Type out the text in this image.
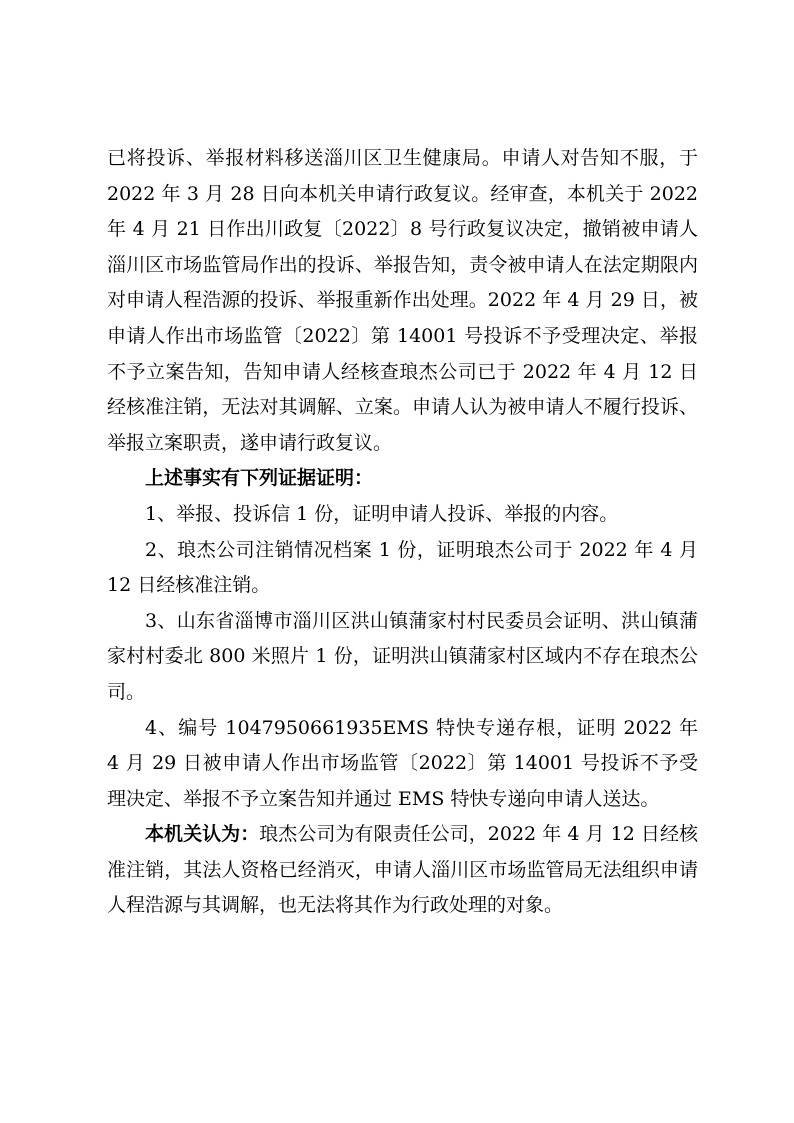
已将投诉、举报材料移送淄川区卫生健康局。申请人对告知不服，于 2022 年 3 月 28 日向本机关申请行政复议。经审查，本机关于 2022 年 4 月 21 日作出川政复〔2022〕8 号行政复议决定，撤销被申请人淄川区市场监管局作出的投诉、举报告知，责令被申请人在法定期限内对申请人程浩源的投诉、举报重新作出处理。2022 年 4 月 29 日，被申请人作出市场监管〔2022〕第 14001 号投诉不予受理决定、举报不予立案告知，告知申请人经核查琅杰公司已于 2022 年 4 月 12 日经核准注销，无法对其调解、立案。申请人认为被申请人不履行投诉、举报立案职责，遂申请行政复议。

上述事实有下列证据证明：

1、举报、投诉信 1 份，证明申请人投诉、举报的内容。

2、琅杰公司注销情况档案 1 份，证明琅杰公司于 2022 年 4 月 12 日经核准注销。

3、山东省淄博市淄川区洪山镇蒲家村村民委员会证明、洪山镇蒲家村村委北 800 米照片 1 份，证明洪山镇蒲家村区域内不存在琅杰公司。

4、编号 1047950661935EMS 特快专递存根，证明 2022 年 4 月 29 日被申请人作出市场监管〔2022〕第 14001 号投诉不予受理决定、举报不予立案告知并通过 EMS 特快专递向申请人送达。

本机关认为：琅杰公司为有限责任公司，2022 年 4 月 12 日经核准注销，其法人资格已经消灭，申请人淄川区市场监管局无法组织申请人程浩源与其调解，也无法将其作为行政处理的对象。
